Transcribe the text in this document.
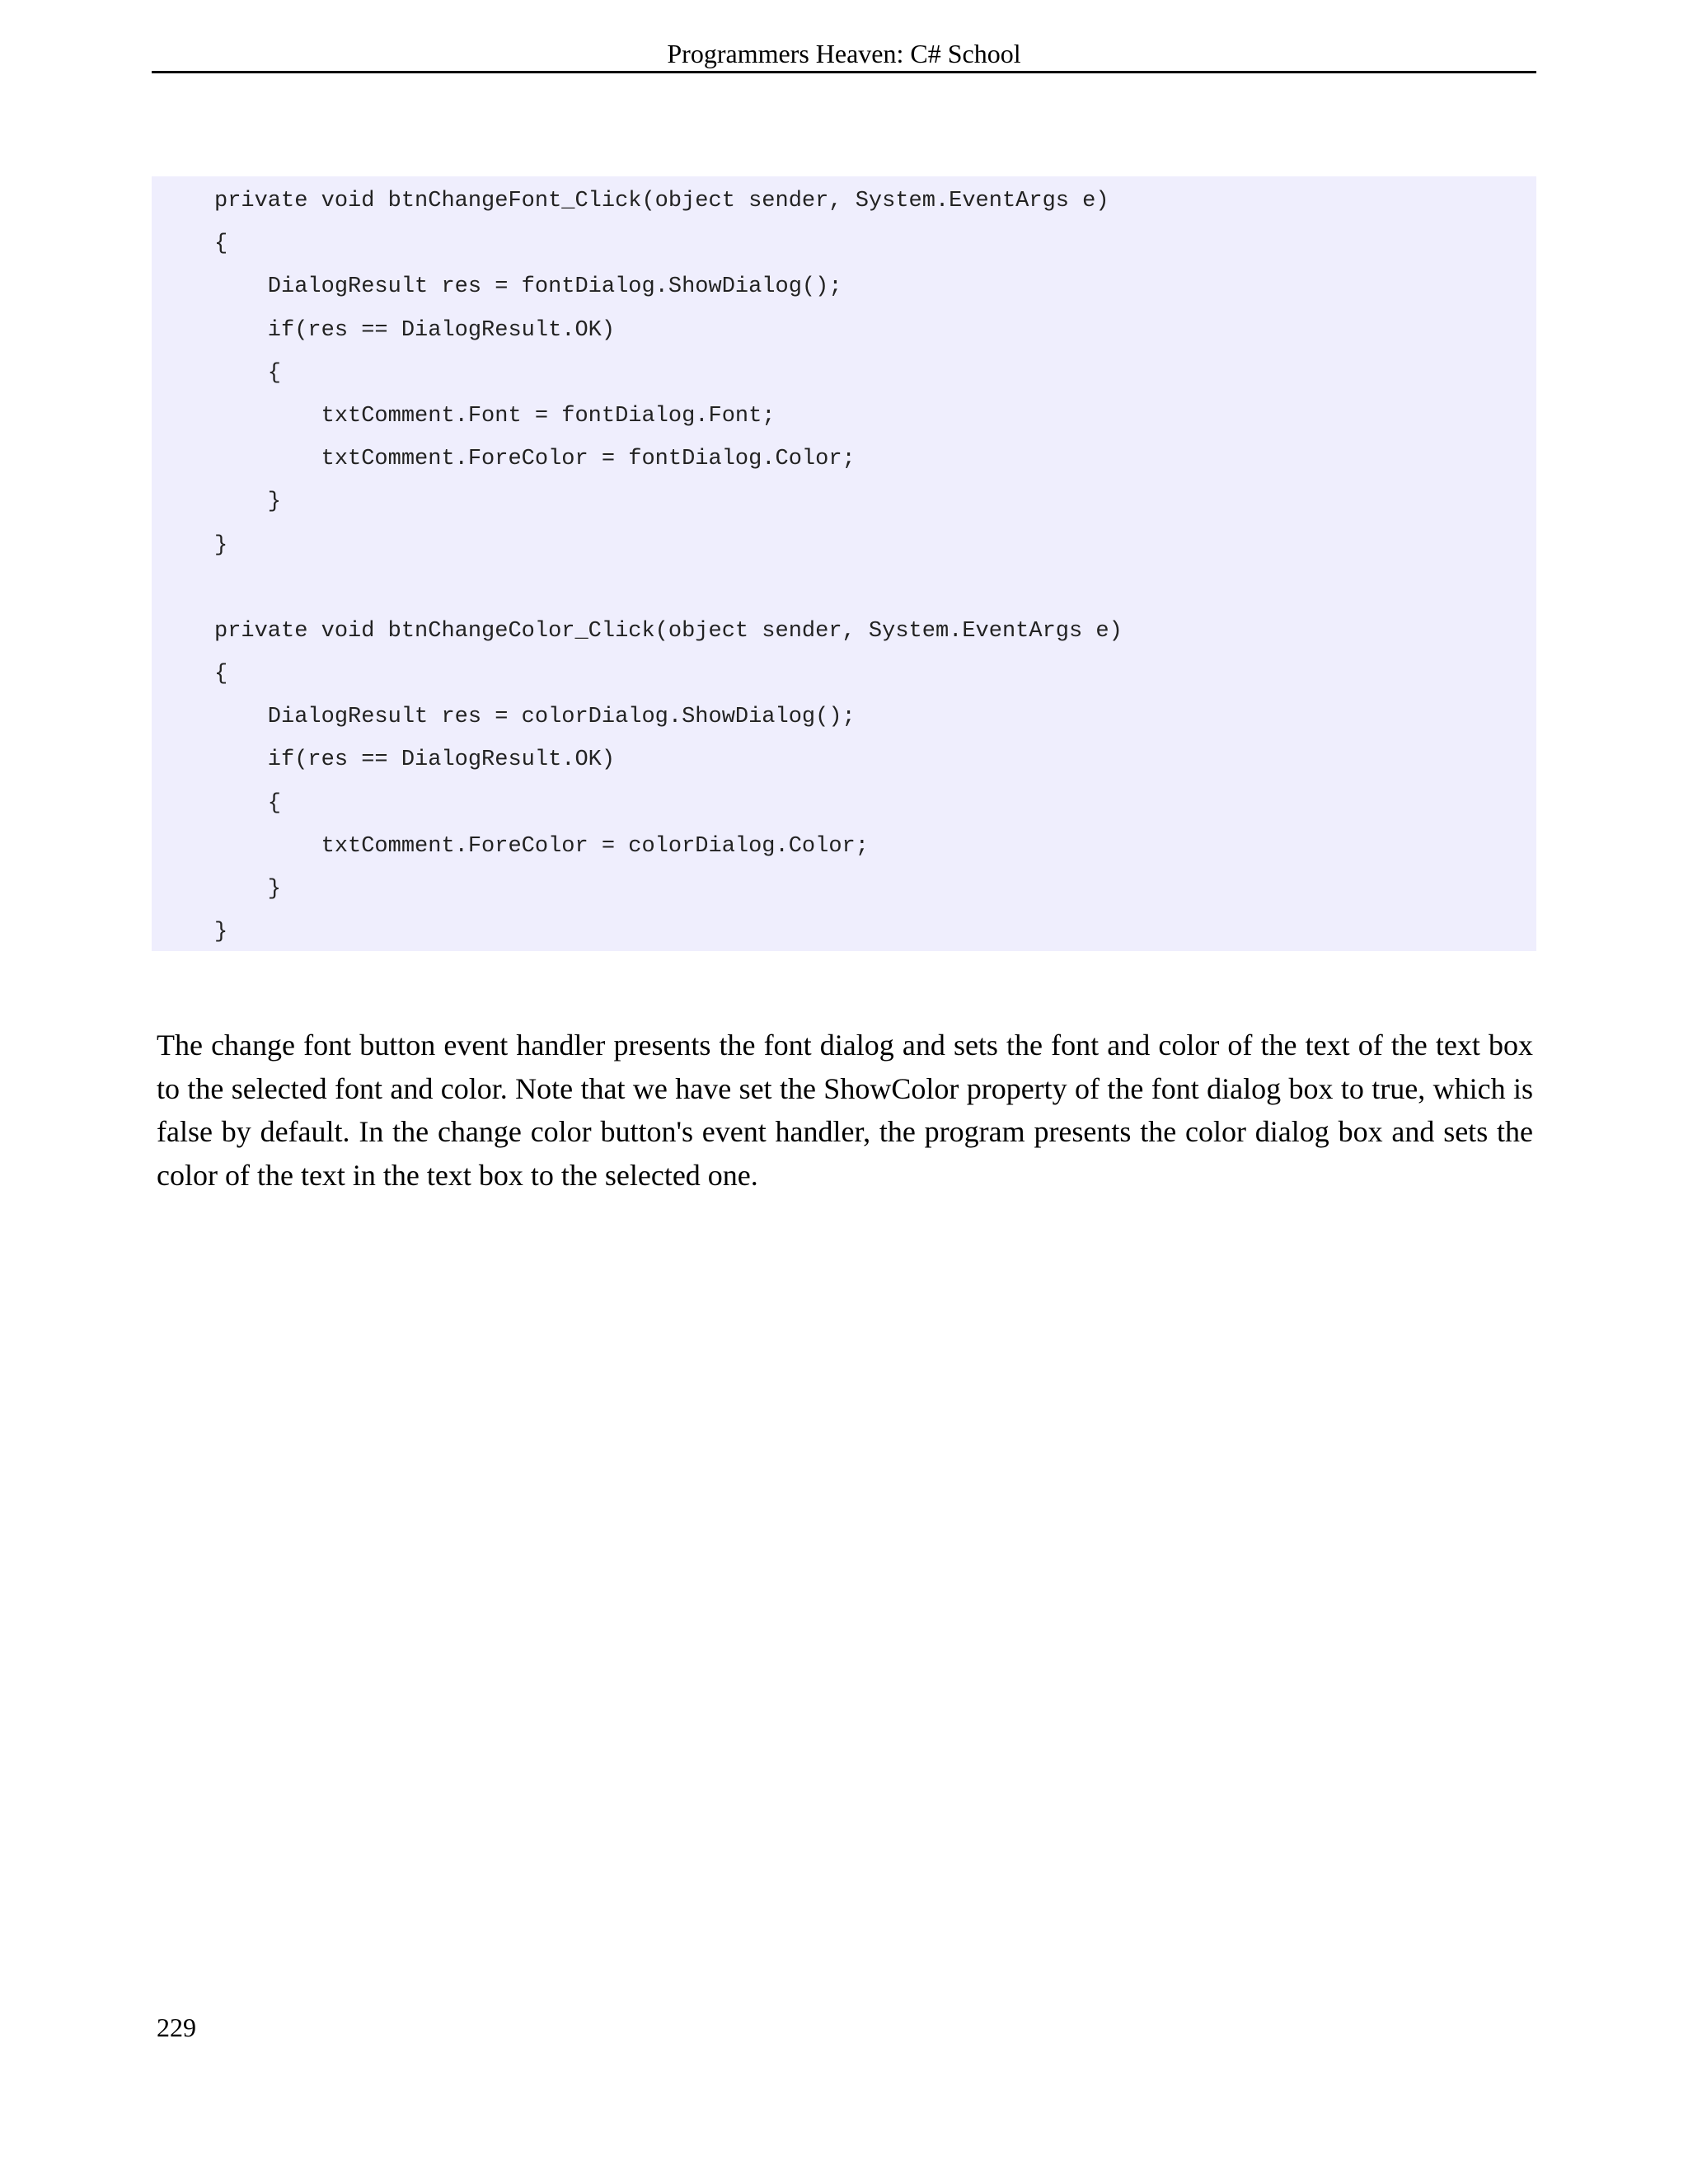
Programmers Heaven: C# School
private void btnChangeFont_Click(object sender, System.EventArgs e)
{
DialogResult res = fontDialog.ShowDialog();
if(res == DialogResult.OK)
{
txtComment.Font = fontDialog.Font;
txtComment.ForeColor = fontDialog.Color;
}
}
private void btnChangeColor_Click(object sender, System.EventArgs e)
{
DialogResult res = colorDialog.ShowDialog();
if(res == DialogResult.OK)
{
txtComment.ForeColor = colorDialog.Color;
}
}

The change font button event handler presents the font dialog and sets the font and color of the text of the text box to the selected font and color. Note that we have set the ShowColor property of the font dialog box to true, which is false by default. In the change color button's event handler, the program presents the color dialog box and sets the color of the text in the text box to the selected one.

229
